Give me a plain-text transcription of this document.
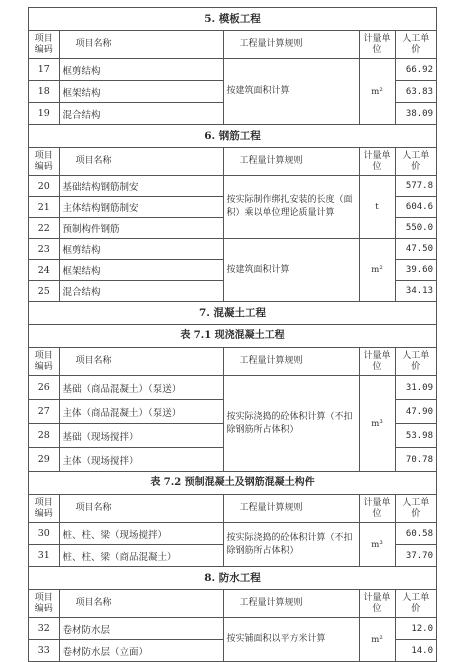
5. 模板工程
项目编码	项目名称	工程量计算规则	计量单位	人工单价
17	框剪结构	按建筑面积计算	m²	66.92
18	框架结构			63.83
19	混合结构			38.09
6. 钢筋工程
项目编码	项目名称	工程量计算规则	计量单位	人工单价
20	基础结构钢筋制安	按实际制作绑扎安装的长度（面积）乘以单位理论质量计算	t	577.8
21	主体结构钢筋制安			604.6
22	预制构件钢筋			550.0
23	框剪结构	按建筑面积计算	m²	47.50
24	框架结构			39.60
25	混合结构			34.13
7. 混凝土工程
表 7.1 现浇混凝土工程
项目编码	项目名称	工程量计算规则	计量单位	人工单价
26	基础（商品混凝土）（泵送）	按实际浇捣的砼体积计算（不扣除钢筋所占体积）	m³	31.09
27	主体（商品混凝土）（泵送）			47.90
28	基础（现场搅拌）			53.98
29	主体（现场搅拌）			70.78
表 7.2 预制混凝土及钢筋混凝土构件
项目编码	项目名称	工程量计算规则	计量单位	人工单价
30	桩、柱、梁（现场搅拌）	按实际浇捣的砼体积计算（不扣除钢筋所占体积）	m³	60.58
31	桩、柱、梁（商品混凝土）			37.70
8. 防水工程
项目编码	项目名称	工程量计算规则	计量单位	人工单价
32	卷材防水层	按实铺面积以平方米计算	m²	12.0
33	卷材防水层（立面）			14.0
